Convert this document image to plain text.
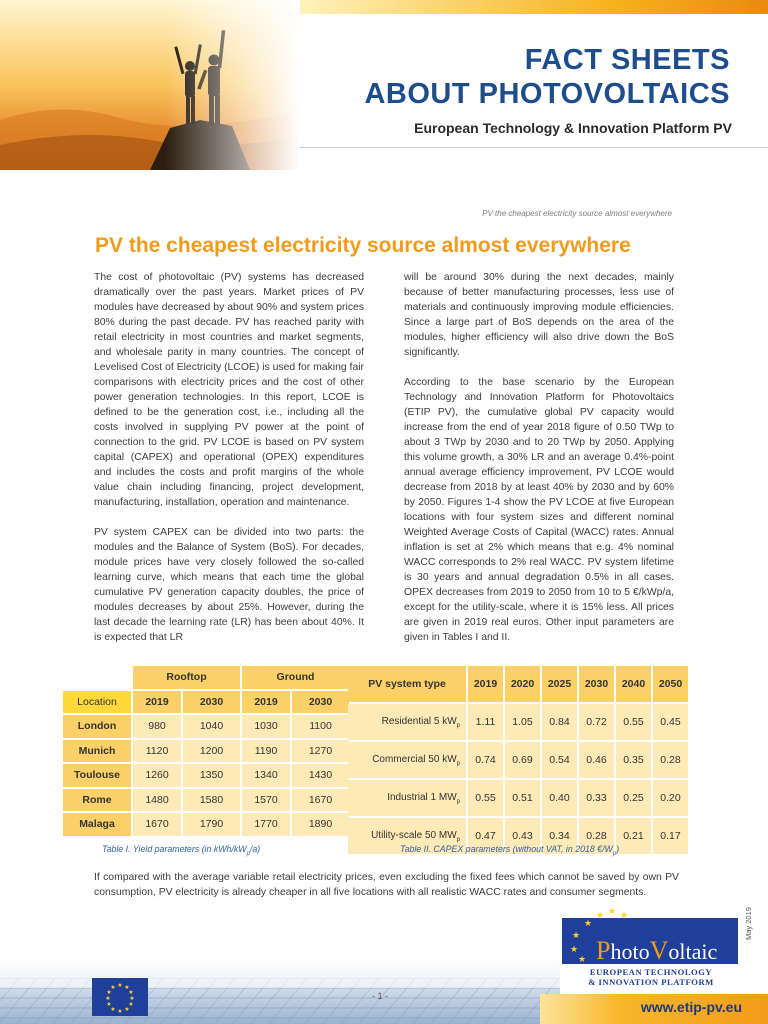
FACT SHEETS
ABOUT PHOTOVOLTAICS
European Technology & Innovation Platform PV
PV the cheapest electricity source almost everywhere
PV the cheapest electricity source almost everywhere

The cost of photovoltaic (PV) systems has decreased dramatically over the past years. Market prices of PV modules have decreased by about 90% and system prices 80% during the past decade. PV has reached parity with retail electricity in most countries and market segments, and wholesale parity in many countries. The concept of Levelised Cost of Electricity (LCOE) is used for making fair comparisons with electricity prices and the cost of other power generation technologies. In this report, LCOE is defined to be the generation cost, i.e., including all the costs involved in supplying PV power at the point of connection to the grid. PV LCOE is based on PV system capital (CAPEX) and operational (OPEX) expenditures and includes the costs and profit margins of the whole value chain including financing, project development, manufacturing, installation, operation and maintenance.

PV system CAPEX can be divided into two parts: the modules and the Balance of System (BoS). For decades, module prices have very closely followed the so-called learning curve, which means that each time the global cumulative PV generation capacity doubles, the price of modules decreases by about 25%. However, during the last decade the learning rate (LR) has been about 40%. It is expected that LR

will be around 30% during the next decades, mainly because of better manufacturing processes, less use of materials and continuously improving module efficiencies. Since a large part of BoS depends on the area of the modules, higher efficiency will also drive down the BoS significantly.

According to the base scenario by the European Technology and Innovation Platform for Photovoltaics (ETIP PV), the cumulative global PV capacity would increase from the end of year 2018 figure of 0.50 TWp to about 3 TWp by 2030 and to 20 TWp by 2050. Applying this volume growth, a 30% LR and an average 0.4%-point annual average efficiency improvement, PV LCOE would decrease from 2018 by at least 40% by 2030 and by 60% by 2050. Figures 1-4 show the PV LCOE at five European locations with four system sizes and different nominal Weighted Average Costs of Capital (WACC) rates. Annual inflation is set at 2% which means that e.g. 4% nominal WACC corresponds to 2% real WACC. PV system lifetime is 30 years and annual degradation 0.5% in all cases. OPEX decreases from 2019 to 2050 from 10 to 5 €/kWp/a, except for the utility-scale, where it is 15% less. All prices are given in 2019 real euros. Other input parameters are given in Tables I and II.

	Rooftop		Ground	
Location	2019	2030	2019	2030
London	980	1040	1030	1100
Munich	1120	1200	1190	1270
Toulouse	1260	1350	1340	1430
Rome	1480	1580	1570	1670
Malaga	1670	1790	1770	1890
Table I. Yield parameters (in kWh/$kW_p/a$)
PV system type	2019	2020	2025	2030	2040	2050
Residential 5 $kW_p$	1.11	1.05	0.84	0.72	0.55	0.45
Commercial 50 $kW_p$	0.74	0.69	0.54	0.46	0.35	0.28
Industrial 1 $MW_p$	0.55	0.51	0.40	0.33	0.25	0.20
Utility-scale 50 $MW_p$	0.47	0.43	0.34	0.28	0.21	0.17
Table II. CAPEX parameters (without VAT, in 2018 $€/W_p$)

If compared with the average variable retail electricity prices, even excluding the fixed fees which cannot be saved by own PV consumption, PV electricity is already cheaper in all five locations with all realistic WACC rates and consumer segments.

★ ★
★
★
★
★
★
★
★
★
★
★
- 1 -
www.etip-pv.eu
★ ★ ★
★
★
★
★ PhotoVoltaic
EUROPEAN TECHNOLOGY
& INNOVATION PLATFORM
May 2019
